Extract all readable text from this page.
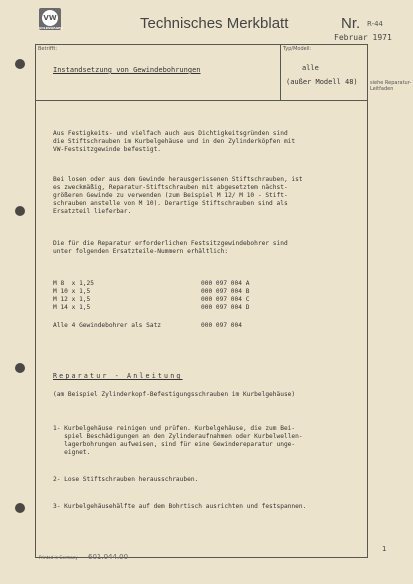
VW
VOLKSWAGEN	Technisches Merkblatt	Nr. R-44
Februar 1971
Betrifft:	Typ/Modell:
Instandsetzung von Gewindebohrungen	alle
(außer Modell 48) siehe Reparatur-Leitfaden
Aus Festigkeits- und vielfach auch aus Dichtigkeitsgründen sind
die Stiftschrauben im Kurbelgehäuse und in den Zylinderköpfen mit
VW-Festsitzgewinde befestigt.
Bei losen oder aus dem Gewinde herausgerissenen Stiftschrauben, ist
es zweckmäßig, Reparatur-Stiftschrauben mit abgesetztem nächst-
größeren Gewinde zu verwenden (zum Beispiel M 12/ M 10 - Stift-
schrauben anstelle von M 10). Derartige Stiftschrauben sind als
Ersatzteil lieferbar.
Die für die Reparatur erforderlichen Festsitzgewindebohrer sind
unter folgenden Ersatzteile-Nummern erhältlich:
M 8  x 1,25	000 097 004 A
M 10 x 1,5	000 097 004 B
M 12 x 1,5	000 097 004 C
M 14 x 1,5	000 097 004 D
Alle 4 Gewindebohrer als Satz	000 097 004
Reparatur - Anleitung
(am Beispiel Zylinderkopf-Befestigungsschrauben im Kurbelgehäuse)
1- Kurbelgehäuse reinigen und prüfen. Kurbelgehäuse, die zum Bei-
spiel Beschädigungen an den Zylinderaufnahmen oder Kurbelwellen-
lagerbohrungen aufweisen, sind für eine Gewindereparatur unge-
eignet.
2- Lose Stiftschrauben herausschrauben.
3- Kurbelgehäusehälfte auf dem Bohrtisch ausrichten und festspannen.
Printed in Germany 601.044.00
1
